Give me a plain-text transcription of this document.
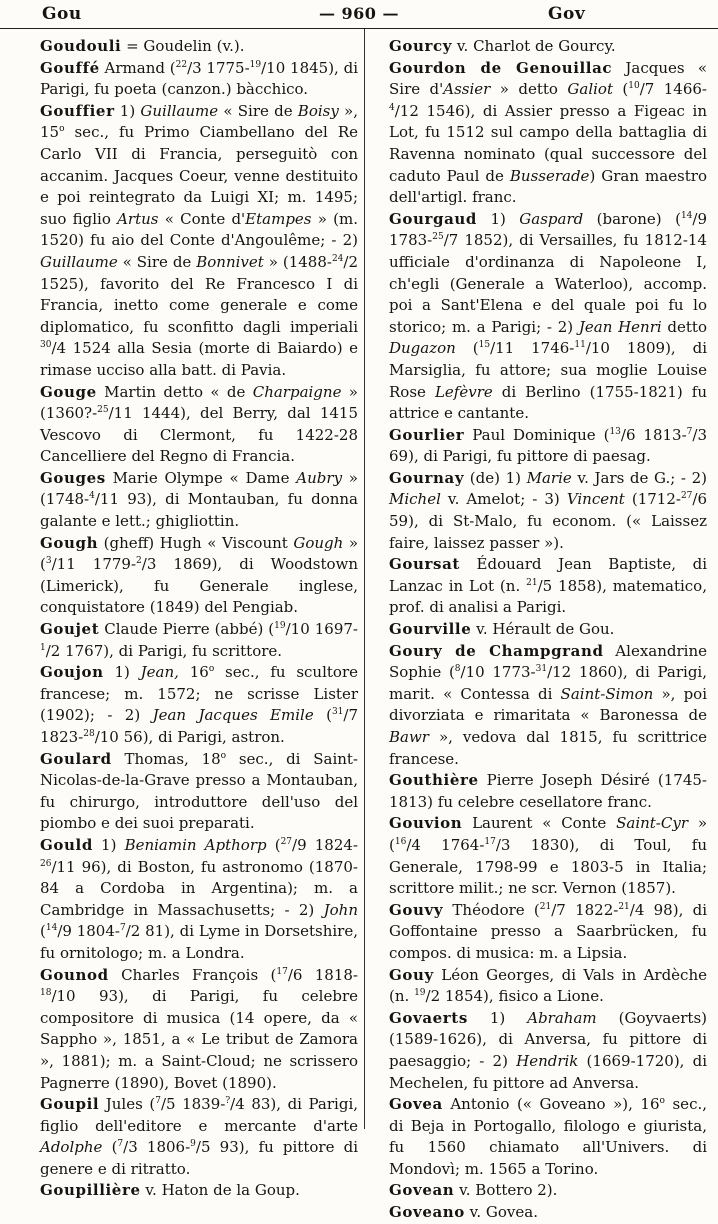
— 960 —
Gou	Gov

Goudouli = Goudelin (v.).

Gouffé Armand ($^{22}$/3 1775-$^{19}$/10 1845), di Parigi, fu poeta (canzon.) bàcchico.

Gouffier 1) Guillaume « Sire de Boisy », 15$^o$ sec., fu Primo Ciambellano del Re Carlo VII di Francia, perseguitò con accanim. Jacques Coeur, venne destituito e poi reintegrato da Luigi XI; m. 1495; suo figlio Artus « Conte d'Etampes » (m. 1520) fu aio del Conte d'Angoulême; - 2) Guillaume « Sire de Bonnivet » (1488-$^{24}$/2 1525), favorito del Re Francesco I di Francia, inetto come generale e come diplomatico, fu sconfitto dagli imperiali $^{30}$/4 1524 alla Sesia (morte di Baiardo) e rimase ucciso alla batt. di Pavia.

Gouge Martin detto « de Charpaigne » (1360?-$^{25}$/11 1444), del Berry, dal 1415 Vescovo di Clermont, fu 1422-28 Cancelliere del Regno di Francia.

Gouges Marie Olympe « Dame Aubry » (1748-$^4$/11 93), di Montauban, fu donna galante e lett.; ghigliottin.

Gough (gheff) Hugh « Viscount Gough » ($^3$/11 1779-$^2$/3 1869), di Woodstown (Limerick), fu Generale inglese, conquistatore (1849) del Pengiab.

Goujet Claude Pierre (abbé) ($^{19}$/10 1697-$^1$/2 1767), di Parigi, fu scrittore.

Goujon 1) Jean, 16$^o$ sec., fu scultore francese; m. 1572; ne scrisse Lister (1902); - 2) Jean Jacques Emile ($^{31}$/7 1823-$^{28}$/10 56), di Parigi, astron.

Goulard Thomas, 18$^o$ sec., di Saint-Nicolas-de-la-Grave presso a Montauban, fu chirurgo, introduttore dell'uso del piombo e dei suoi preparati.

Gould 1) Beniamin Apthorp ($^{27}$/9 1824-$^{26}$/11 96), di Boston, fu astronomo (1870-84 a Cordoba in Argentina); m. a Cambridge in Massachusetts; - 2) John ($^{14}$/9 1804-$^7$/2 81), di Lyme in Dorsetshire, fu ornitologo; m. a Londra.

Gounod Charles François ($^{17}$/6 1818-$^{18}$/10 93), di Parigi, fu celebre compositore di musica (14 opere, da « Sappho », 1851, a « Le tribut de Zamora », 1881); m. a Saint-Cloud; ne scrissero Pagnerre (1890), Bovet (1890).

Goupil Jules ($^7$/5 1839-?/4 83), di Parigi, figlio dell'editore e mercante d'arte Adolphe ($^7$/3 1806-$^9$/5 93), fu pittore di genere e di ritratto.

Goupillière v. Haton de la Goup.

Gourcy v. Charlot de Gourcy.

Gourdon de Genouillac Jacques « Sire d'Assier » detto Galiot ($^{10}$/7 1466-$^4$/12 1546), di Assier presso a Figeac in Lot, fu 1512 sul campo della battaglia di Ravenna nominato (qual successore del caduto Paul de Busserade) Gran maestro dell'artigl. franc.

Gourgaud 1) Gaspard (barone) ($^{14}$/9 1783-$^{25}$/7 1852), di Versailles, fu 1812-14 ufficiale d'ordinanza di Napoleone I, ch'egli (Generale a Waterloo), accomp. poi a Sant'Elena e del quale poi fu lo storico; m. a Parigi; - 2) Jean Henri detto Dugazon ($^{15}$/11 1746-$^{11}$/10 1809), di Marsiglia, fu attore; sua moglie Louise Rose Lefèvre di Berlino (1755-1821) fu attrice e cantante.

Gourlier Paul Dominique ($^{13}$/6 1813-$^7$/3 69), di Parigi, fu pittore di paesag.

Gournay (de) 1) Marie v. Jars de G.; - 2) Michel v. Amelot; - 3) Vincent (1712-$^{27}$/6 59), di St-Malo, fu econom. (« Laissez faire, laissez passer »).

Goursat Édouard Jean Baptiste, di Lanzac in Lot (n. $^{21}$/5 1858), matematico, prof. di analisi a Parigi.

Gourville v. Hérault de Gou.

Goury de Champgrand Alexandrine Sophie ($^8$/10 1773-$^{31}$/12 1860), di Parigi, marit. « Contessa di Saint-Simon », poi divorziata e rimaritata « Baronessa de Bawr », vedova dal 1815, fu scrittrice francese.

Gouthière Pierre Joseph Désiré (1745-1813) fu celebre cesellatore franc.

Gouvion Laurent « Conte Saint-Cyr » ($^{16}$/4 1764-$^{17}$/3 1830), di Toul, fu Generale, 1798-99 e 1803-5 in Italia; scrittore milit.; ne scr. Vernon (1857).

Gouvy Théodore ($^{21}$/7 1822-$^{21}$/4 98), di Goffontaine presso a Saarbrücken, fu compos. di musica: m. a Lipsia.

Gouy Léon Georges, di Vals in Ardèche (n. $^{19}$/2 1854), fisico a Lione.

Govaerts 1) Abraham (Goyvaerts) (1589-1626), di Anversa, fu pittore di paesaggio; - 2) Hendrik (1669-1720), di Mechelen, fu pittore ad Anversa.

Govea Antonio (« Goveano »), 16$^o$ sec., di Beja in Portogallo, filologo e giurista, fu 1560 chiamato all'Univers. di Mondovì; m. 1565 a Torino.

Govean v. Bottero 2).

Goveano v. Govea.
